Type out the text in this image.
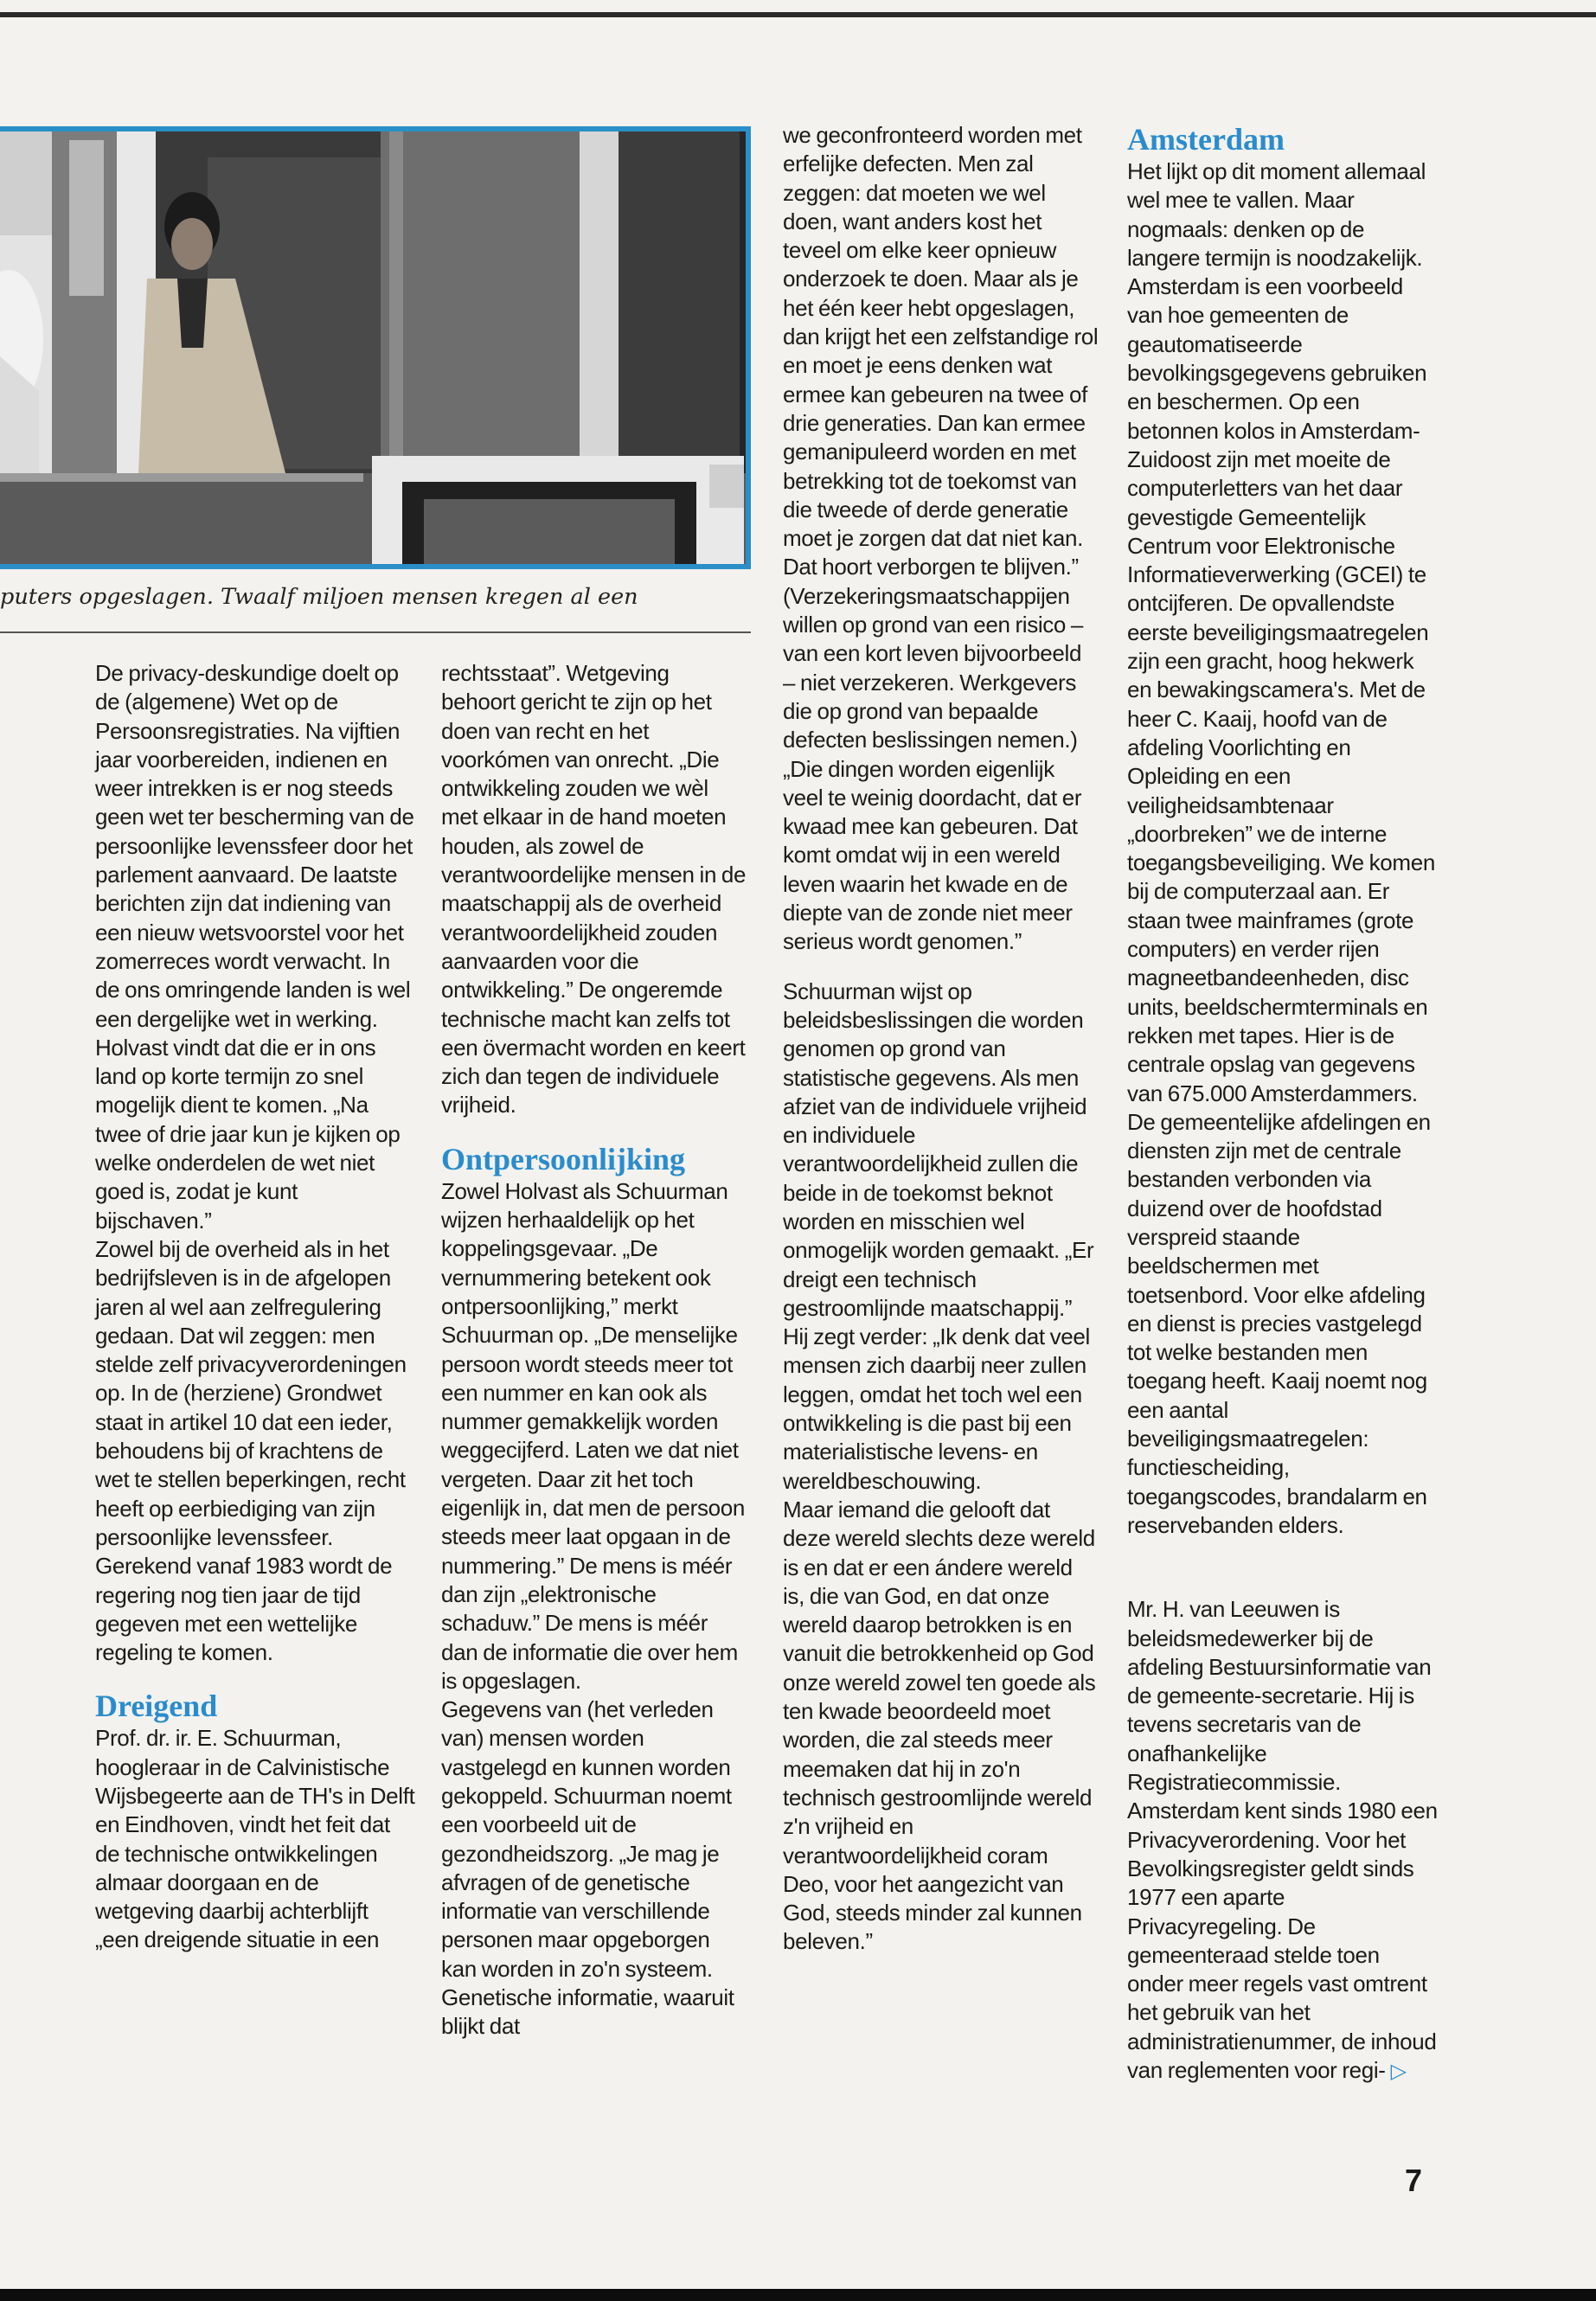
puters opgeslagen. Twaalf miljoen mensen kregen al een

De privacy-deskundige doelt op de (algemene) Wet op de Persoonsregistraties. Na vijftien jaar voorbereiden, indienen en weer intrekken is er nog steeds geen wet ter bescherming van de persoonlijke levenssfeer door het parlement aanvaard. De laatste berichten zijn dat indiening van een nieuw wetsvoorstel voor het zomerreces wordt verwacht. In de ons omringende landen is wel een dergelijke wet in werking. Holvast vindt dat die er in ons land op korte termijn zo snel mogelijk dient te komen. „Na twee of drie jaar kun je kijken op welke onderdelen de wet niet goed is, zodat je kunt bijschaven.”

Zowel bij de overheid als in het bedrijfsleven is in de afgelopen jaren al wel aan zelfregulering gedaan. Dat wil zeggen: men stelde zelf privacyverordeningen op. In de (herziene) Grondwet staat in artikel 10 dat een ieder, behoudens bij of krachtens de wet te stellen beperkingen, recht heeft op eerbiediging van zijn persoonlijke levenssfeer. Gerekend vanaf 1983 wordt de regering nog tien jaar de tijd gegeven met een wettelijke regeling te komen.

Dreigend

Prof. dr. ir. E. Schuurman, hoogleraar in de Calvinistische Wijsbegeerte aan de TH's in Delft en Eindhoven, vindt het feit dat de technische ontwikkelingen almaar doorgaan en de wetgeving daarbij achterblijft „een dreigende situatie in een

rechtsstaat”. Wetgeving behoort gericht te zijn op het doen van recht en het voorkómen van onrecht. „Die ontwikkeling zouden we wèl met elkaar in de hand moeten houden, als zowel de verantwoordelijke mensen in de maatschappij als de overheid verantwoordelijkheid zouden aanvaarden voor die ontwikkeling.” De ongeremde technische macht kan zelfs tot een övermacht worden en keert zich dan tegen de individuele vrijheid.

Ontpersoonlijking

Zowel Holvast als Schuurman wijzen herhaaldelijk op het koppelingsgevaar. „De vernummering betekent ook ontpersoonlijking,” merkt Schuurman op. „De menselijke persoon wordt steeds meer tot een nummer en kan ook als nummer gemakkelijk worden weggecijferd. Laten we dat niet vergeten. Daar zit het toch eigenlijk in, dat men de persoon steeds meer laat opgaan in de nummering.” De mens is méér dan zijn „elektronische schaduw.” De mens is méér dan de informatie die over hem is opgeslagen.

Gegevens van (het verleden van) mensen worden vastgelegd en kunnen worden gekoppeld. Schuurman noemt een voorbeeld uit de gezondheidszorg. „Je mag je afvragen of de genetische informatie van verschillende personen maar opgeborgen kan worden in zo'n systeem. Genetische informatie, waaruit blijkt dat

we geconfronteerd worden met erfelijke defecten. Men zal zeggen: dat moeten we wel doen, want anders kost het teveel om elke keer opnieuw onderzoek te doen. Maar als je het één keer hebt opgeslagen, dan krijgt het een zelfstandige rol en moet je eens denken wat ermee kan gebeuren na twee of drie generaties. Dan kan ermee gemanipuleerd worden en met betrekking tot de toekomst van die tweede of derde generatie moet je zorgen dat dat niet kan. Dat hoort verborgen te blijven.”

(Verzekeringsmaatschappijen willen op grond van een risico – van een kort leven bijvoorbeeld – niet verzekeren. Werkgevers die op grond van bepaalde defecten beslissingen nemen.)

„Die dingen worden eigenlijk veel te weinig doordacht, dat er kwaad mee kan gebeuren. Dat komt omdat wij in een wereld leven waarin het kwade en de diepte van de zonde niet meer serieus wordt genomen.”

Schuurman wijst op beleidsbeslissingen die worden genomen op grond van statistische gegevens. Als men afziet van de individuele vrijheid en individuele verantwoordelijkheid zullen die beide in de toekomst beknot worden en misschien wel onmogelijk worden gemaakt. „Er dreigt een technisch gestroomlijnde maatschappij.” Hij zegt verder: „Ik denk dat veel mensen zich daarbij neer zullen leggen, omdat het toch wel een ontwikkeling is die past bij een materialistische levens- en wereldbeschouwing.

Maar iemand die gelooft dat deze wereld slechts deze wereld is en dat er een ándere wereld is, die van God, en dat onze wereld daarop betrokken is en vanuit die betrokkenheid op God onze wereld zowel ten goede als ten kwade beoordeeld moet worden, die zal steeds meer meemaken dat hij in zo'n technisch gestroomlijnde wereld z'n vrijheid en verantwoordelijkheid coram Deo, voor het aangezicht van God, steeds minder zal kunnen beleven.”

Amsterdam

Het lijkt op dit moment allemaal wel mee te vallen. Maar nogmaals: denken op de langere termijn is noodzakelijk.

Amsterdam is een voorbeeld van hoe gemeenten de geautomatiseerde bevolkingsgegevens gebruiken en beschermen. Op een betonnen kolos in Amsterdam-Zuidoost zijn met moeite de computerletters van het daar gevestigde Gemeentelijk Centrum voor Elektronische Informatieverwerking (GCEI) te ontcijferen. De opvallendste eerste beveiligingsmaatregelen zijn een gracht, hoog hekwerk en bewakingscamera's. Met de heer C. Kaaij, hoofd van de afdeling Voorlichting en Opleiding en een veiligheidsambtenaar „doorbreken” we de interne toegangsbeveiliging. We komen bij de computerzaal aan. Er staan twee mainframes (grote computers) en verder rijen magneetbandeenheden, disc units, beeldschermterminals en rekken met tapes. Hier is de centrale opslag van gegevens van 675.000 Amsterdammers. De gemeentelijke afdelingen en diensten zijn met de centrale bestanden verbonden via duizend over de hoofdstad verspreid staande beeldschermen met toetsenbord. Voor elke afdeling en dienst is precies vastgelegd tot welke bestanden men toegang heeft. Kaaij noemt nog een aantal beveiligingsmaatregelen: functiescheiding, toegangscodes, brandalarm en reservebanden elders.

Mr. H. van Leeuwen is beleidsmedewerker bij de afdeling Bestuursinformatie van de gemeente-secretarie. Hij is tevens secretaris van de onafhankelijke Registratiecommissie. Amsterdam kent sinds 1980 een Privacyverordening. Voor het Bevolkingsregister geldt sinds 1977 een aparte Privacyregeling. De gemeenteraad stelde toen onder meer regels vast omtrent het gebruik van het administratienummer, de inhoud van reglementen voor regi- ▷

7
